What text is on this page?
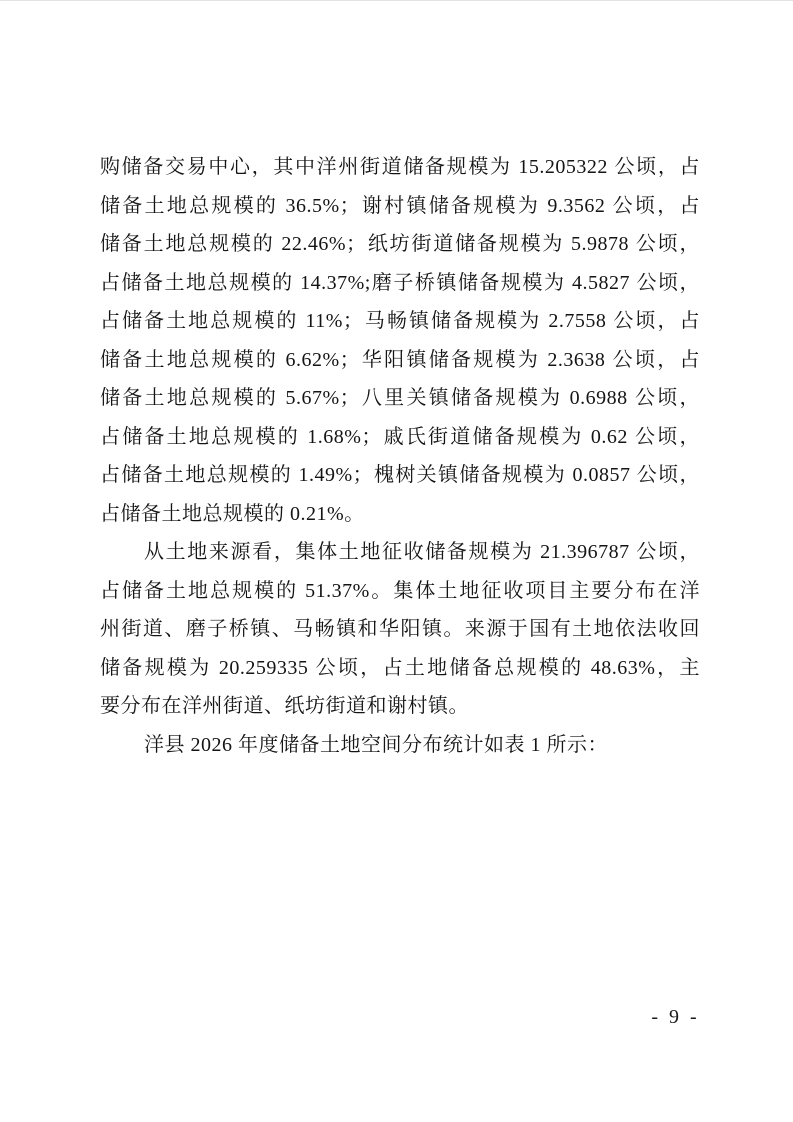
购储备交易中心，其中洋州街道储备规模为 15.205322 公顷，占
储备土地总规模的 36.5%；谢村镇储备规模为 9.3562 公顷，占
储备土地总规模的 22.46%；纸坊街道储备规模为 5.9878 公顷，
占储备土地总规模的 14.37%;磨子桥镇储备规模为 4.5827 公顷，
占储备土地总规模的 11%；马畅镇储备规模为 2.7558 公顷，占
储备土地总规模的 6.62%；华阳镇储备规模为 2.3638 公顷，占
储备土地总规模的 5.67%；八里关镇储备规模为 0.6988 公顷，
占储备土地总规模的 1.68%；戚氏街道储备规模为 0.62 公顷，
占储备土地总规模的 1.49%；槐树关镇储备规模为 0.0857 公顷，
占储备土地总规模的 0.21%。
从土地来源看，集体土地征收储备规模为 21.396787 公顷，
占储备土地总规模的 51.37%。集体土地征收项目主要分布在洋
州街道、磨子桥镇、马畅镇和华阳镇。来源于国有土地依法收回
储备规模为 20.259335 公顷，占土地储备总规模的 48.63%，主
要分布在洋州街道、纸坊街道和谢村镇。
洋县 2026 年度储备土地空间分布统计如表 1 所示：
- 9 -
